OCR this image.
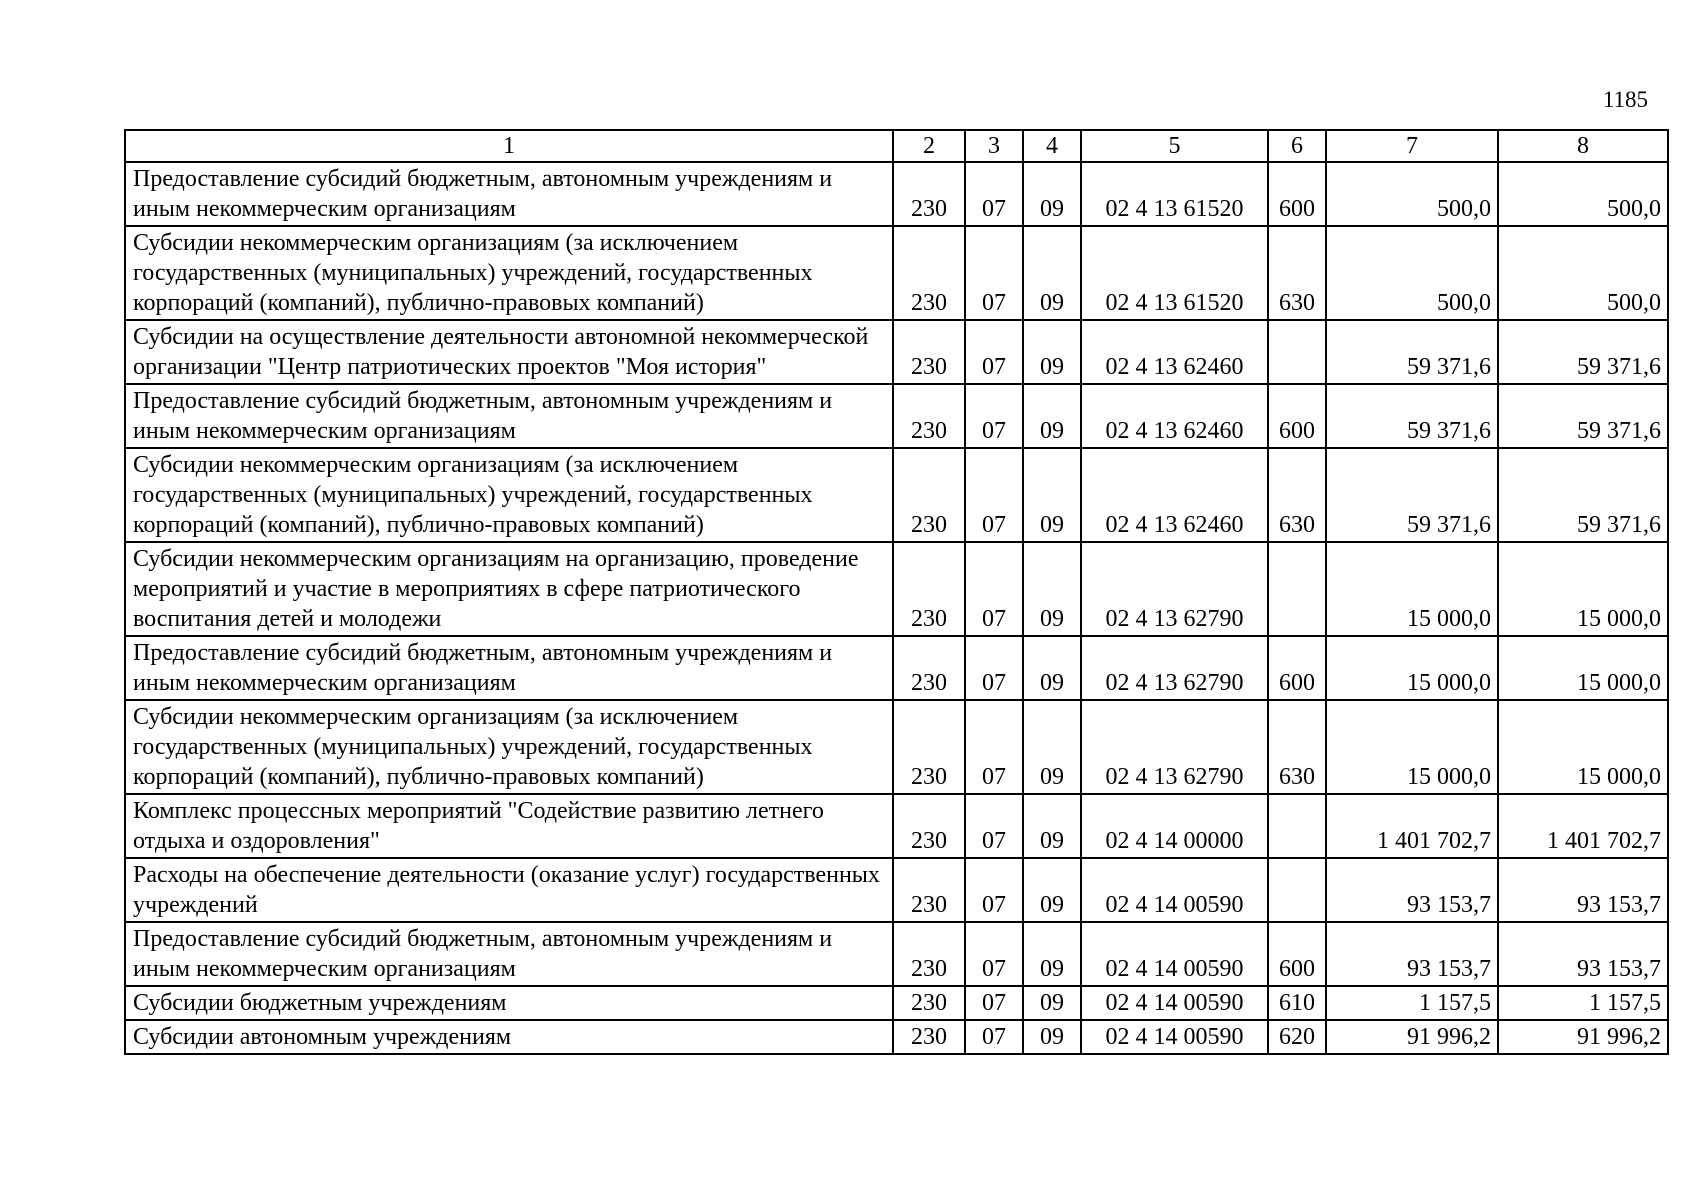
1185
1	2	3	4	5	6	7	8
Предоставление субсидий бюджетным, автономным учреждениям и иным некоммерческим организациям	230	07	09	02 4 13 61520	600	500,0	500,0
Субсидии некоммерческим организациям (за исключением государственных (муниципальных) учреждений, государственных корпораций (компаний), публично-правовых компаний)	230	07	09	02 4 13 61520	630	500,0	500,0
Субсидии на осуществление деятельности автономной некоммерческой организации "Центр патриотических проектов "Моя история"	230	07	09	02 4 13 62460		59 371,6	59 371,6
Предоставление субсидий бюджетным, автономным учреждениям и иным некоммерческим организациям	230	07	09	02 4 13 62460	600	59 371,6	59 371,6
Субсидии некоммерческим организациям (за исключением государственных (муниципальных) учреждений, государственных корпораций (компаний), публично-правовых компаний)	230	07	09	02 4 13 62460	630	59 371,6	59 371,6
Субсидии некоммерческим организациям на организацию, проведение мероприятий и участие в мероприятиях в сфере патриотического воспитания детей и молодежи	230	07	09	02 4 13 62790		15 000,0	15 000,0
Предоставление субсидий бюджетным, автономным учреждениям и иным некоммерческим организациям	230	07	09	02 4 13 62790	600	15 000,0	15 000,0
Субсидии некоммерческим организациям (за исключением государственных (муниципальных) учреждений, государственных корпораций (компаний), публично-правовых компаний)	230	07	09	02 4 13 62790	630	15 000,0	15 000,0
Комплекс процессных мероприятий "Содействие развитию летнего отдыха и оздоровления"	230	07	09	02 4 14 00000		1 401 702,7	1 401 702,7
Расходы на обеспечение деятельности (оказание услуг) государственных учреждений	230	07	09	02 4 14 00590		93 153,7	93 153,7
Предоставление субсидий бюджетным, автономным учреждениям и иным некоммерческим организациям	230	07	09	02 4 14 00590	600	93 153,7	93 153,7
Субсидии бюджетным учреждениям	230	07	09	02 4 14 00590	610	1 157,5	1 157,5
Субсидии автономным учреждениям	230	07	09	02 4 14 00590	620	91 996,2	91 996,2
